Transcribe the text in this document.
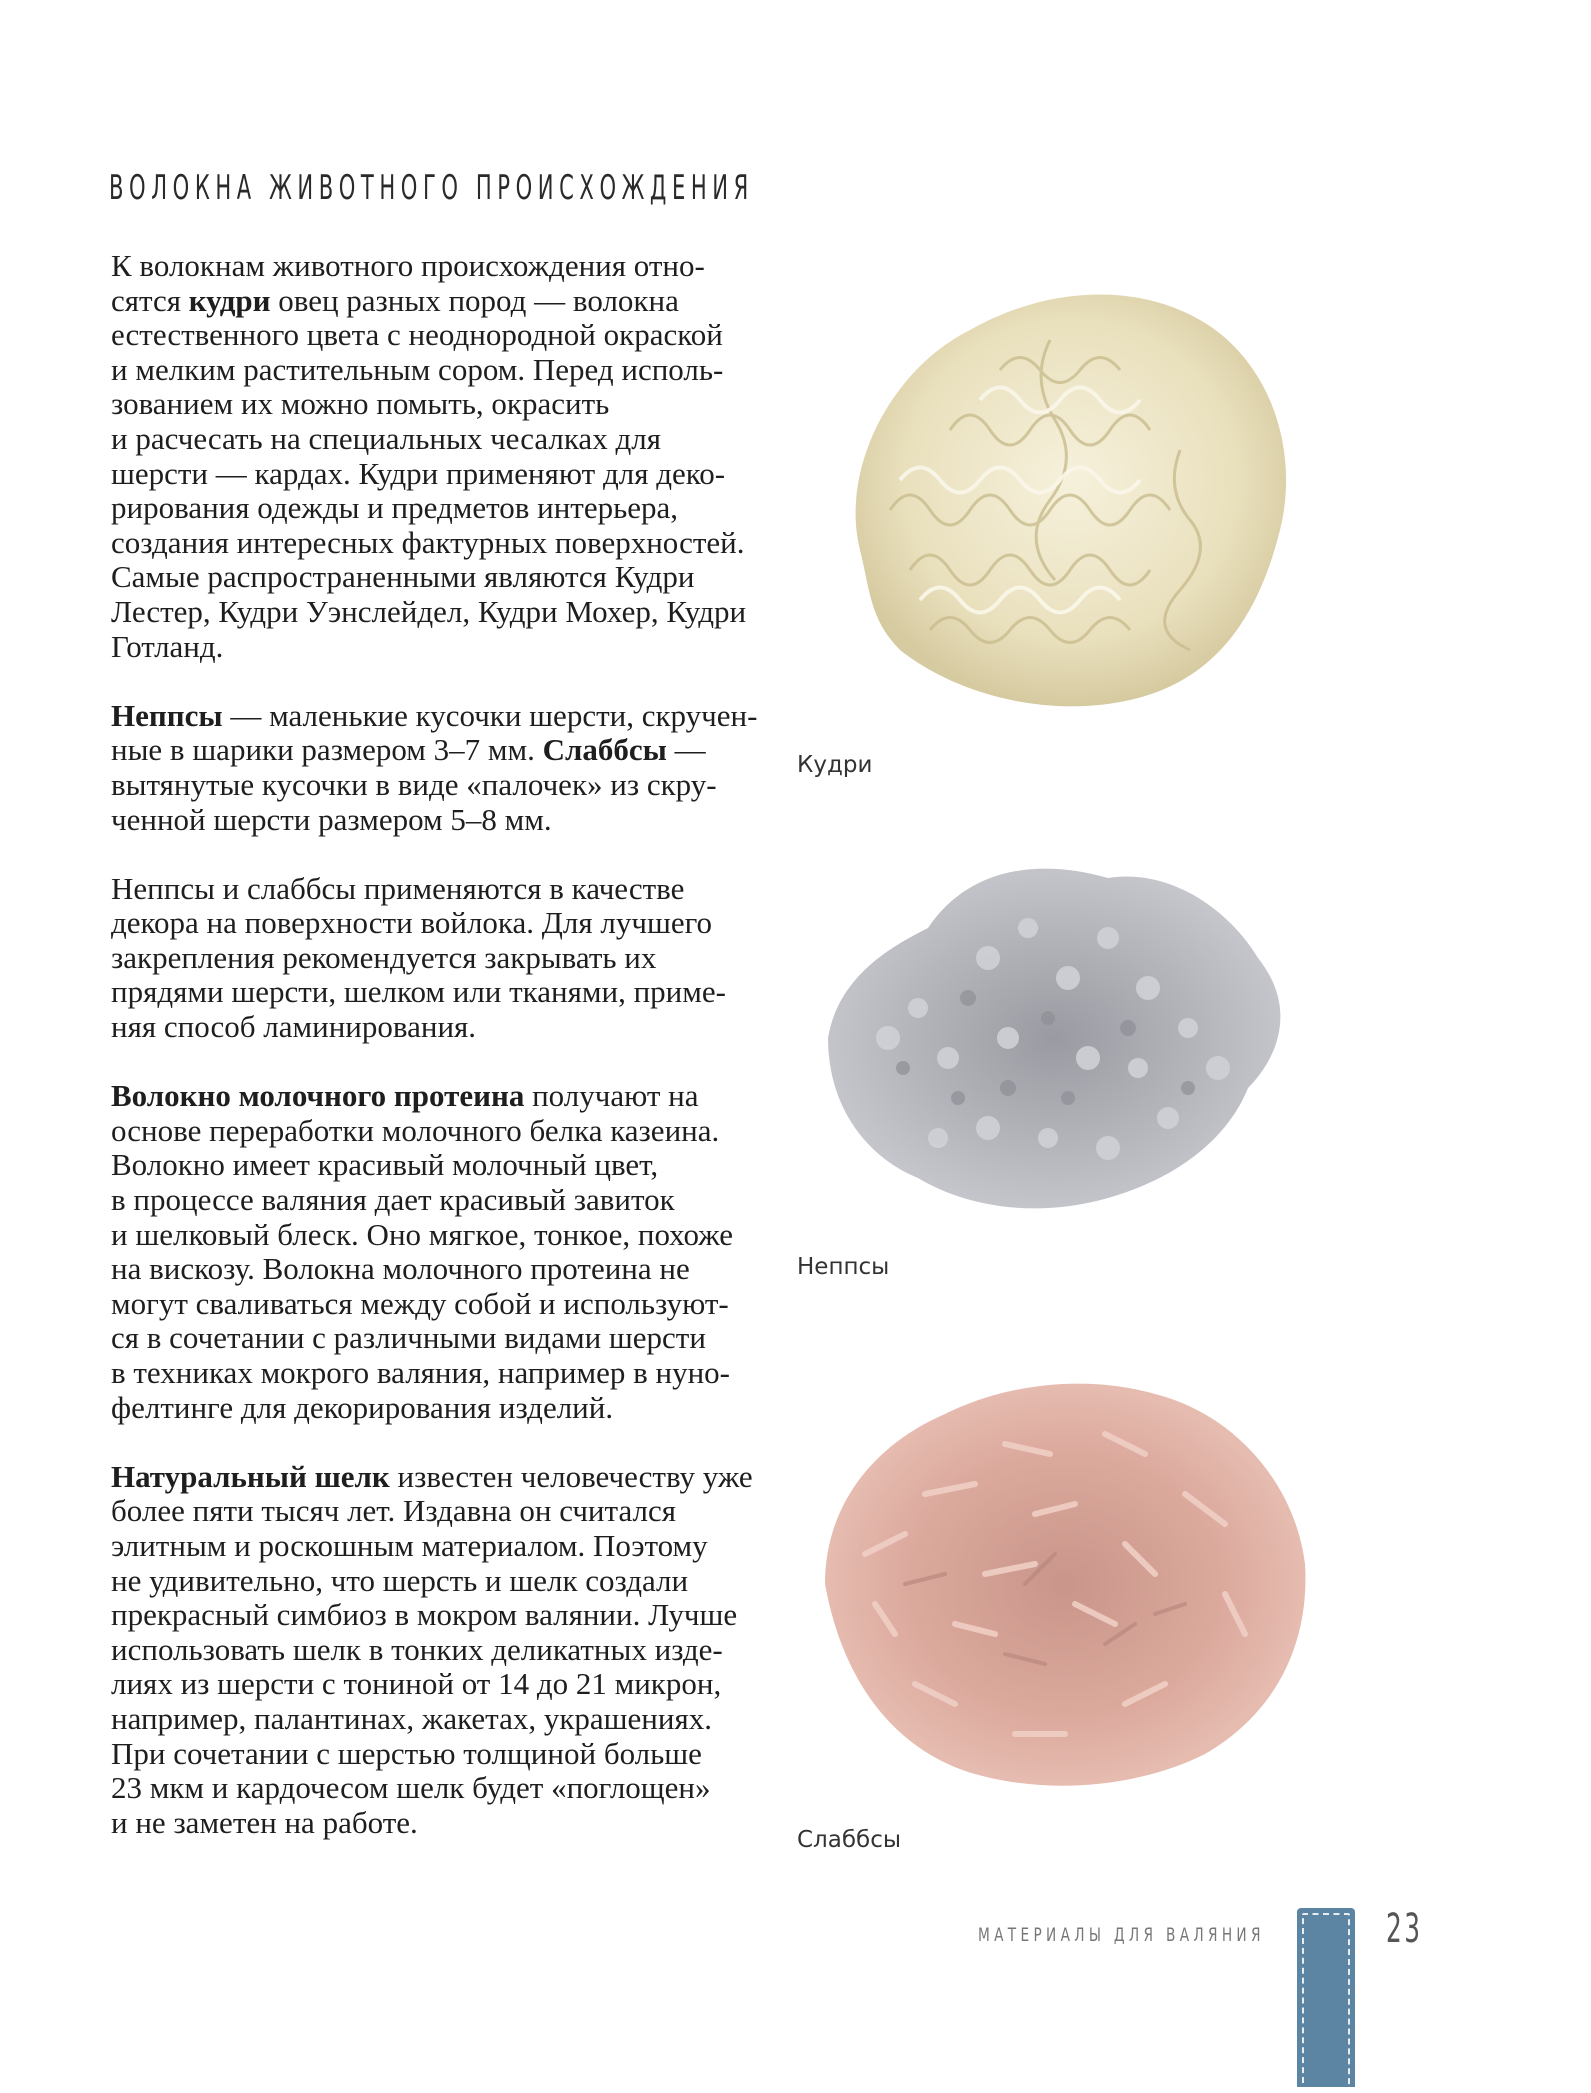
ВОЛОКНА ЖИВОТНОГО ПРОИСХОЖДЕНИЯ

К волокнам животного происхождения отно-
сятся кудри овец разных пород — волокна
естественного цвета с неоднородной окраской
и мелким растительным сором. Перед исполь-
зованием их можно помыть, окрасить
и расчесать на специальных чесалках для
шерсти — кардах. Кудри применяют для деко-
рирования одежды и предметов интерьера,
создания интересных фактурных поверхностей.
Самые распространенными являются Кудри
Лестер, Кудри Уэнслейдел, Кудри Мохер, Кудри
Готланд.

Неппсы — маленькие кусочки шерсти, скручен-
ные в шарики размером 3–7 мм. Слаббсы —
вытянутые кусочки в виде «палочек» из скру-
ченной шерсти размером 5–8 мм.

Неппсы и слаббсы применяются в качестве
декора на поверхности войлока. Для лучшего
закрепления рекомендуется закрывать их
прядями шерсти, шелком или тканями, приме-
няя способ ламинирования.

Волокно молочного протеина получают на
основе переработки молочного белка казеина.
Волокно имеет красивый молочный цвет,
в процессе валяния дает красивый завиток
и шелковый блеск. Оно мягкое, тонкое, похоже
на вискозу. Волокна молочного протеина не
могут сваливаться между собой и используют-
ся в сочетании с различными видами шерсти
в техниках мокрого валяния, например в нуно-
фелтинге для декорирования изделий.

Натуральный шелк известен человечеству уже
более пяти тысяч лет. Издавна он считался
элитным и роскошным материалом. Поэтому
не удивительно, что шерсть и шелк создали
прекрасный симбиоз в мокром валянии. Лучше
использовать шелк в тонких деликатных изде-
лиях из шерсти с тониной от 14 до 21 микрон,
например, палантинах, жакетах, украшениях.
При сочетании с шерстью толщиной больше
23 мкм и кардочесом шелк будет «поглощен»
и не заметен на работе.

Кудри
Неппсы
Слаббсы
МАТЕРИАЛЫ ДЛЯ ВАЛЯНИЯ	23
